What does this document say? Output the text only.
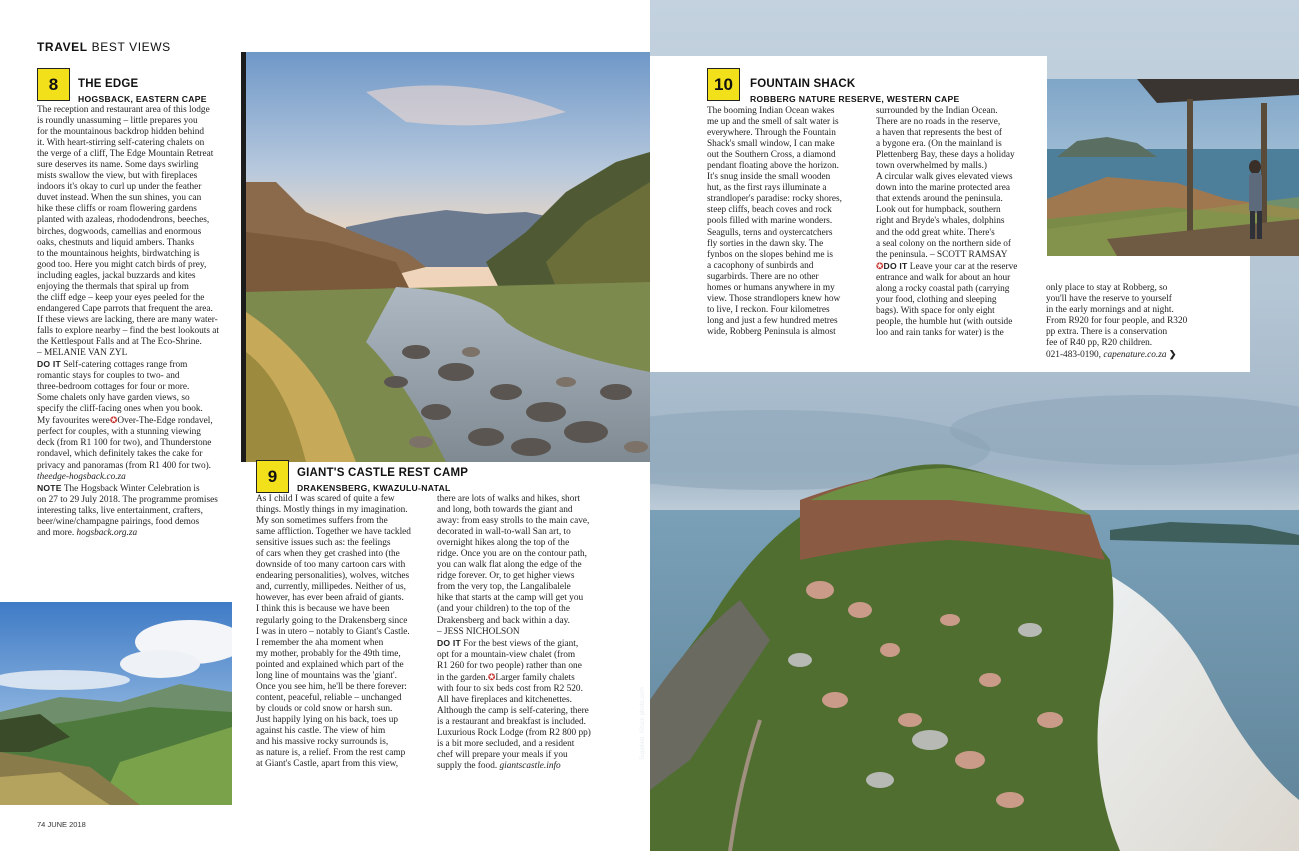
TRAVEL BEST VIEWS
8	THE EDGE
HOGSBACK, EASTERN CAPE

The reception and restaurant area of this lodge

is roundly unassuming – little prepares you

for the mountainous backdrop hidden behind

it. With heart-stirring self-catering chalets on

the verge of a cliff, The Edge Mountain Retreat

sure deserves its name. Some days swirling

mists swallow the view, but with fireplaces

indoors it's okay to curl up under the feather

duvet instead. When the sun shines, you can

hike these cliffs or roam flowering gardens

planted with azaleas, rhododendrons, beeches,

birches, dogwoods, camellias and enormous

oaks, chestnuts and liquid ambers. Thanks

to the mountainous heights, birdwatching is

good too. Here you might catch birds of prey,

including eagles, jackal buzzards and kites

enjoying the thermals that spiral up from

the cliff edge – keep your eyes peeled for the

endangered Cape parrots that frequent the area.

If these views are lacking, there are many water-

falls to explore nearby – find the best lookouts at

the Kettlespout Falls and at The Eco-Shrine.

– MELANIE VAN ZYL

DO IT Self-catering cottages range from

romantic stays for couples to two- and

three-bedroom cottages for four or more.

Some chalets only have garden views, so

specify the cliff-facing ones when you book.

My favourites were✪Over-The-Edge rondavel,

perfect for couples, with a stunning viewing

deck (from R1 100 for two), and Thunderstone

rondavel, which definitely takes the cake for

privacy and panoramas (from R1 400 for two).

theedge-hogsback.co.za

NOTE The Hogsback Winter Celebration is

on 27 to 29 July 2018. The programme promises

interesting talks, live entertainment, crafters,

beer/wine/champagne pairings, food demos

and more. hogsback.org.za

9	GIANT'S CASTLE REST CAMP
DRAKENSBERG, KWAZULU-NATAL

As I child I was scared of quite a few

things. Mostly things in my imagination.

My son sometimes suffers from the

same affliction. Together we have tackled

sensitive issues such as: the feelings

of cars when they get crashed into (the

downside of too many cartoon cars with

endearing personalities), wolves, witches

and, currently, millipedes. Neither of us,

however, has ever been afraid of giants.

I think this is because we have been

regularly going to the Drakensberg since

I was in utero – notably to Giant's Castle.

I remember the aha moment when

my mother, probably for the 49th time,

pointed and explained which part of the

long line of mountains was the 'giant'.

Once you see him, he'll be there forever:

content, peaceful, reliable – unchanged

by clouds or cold snow or harsh sun.

Just happily lying on his back, toes up

against his castle. The view of him

and his massive rocky surrounds is,

as nature is, a relief. From the rest camp

at Giant's Castle, apart from this view,

there are lots of walks and hikes, short

and long, both towards the giant and

away: from easy strolls to the main cave,

decorated in wall-to-wall San art, to

overnight hikes along the top of the

ridge. Once you are on the contour path,

you can walk flat along the edge of the

ridge forever. Or, to get higher views

from the very top, the Langalibalele

hike that starts at the camp will get you

(and your children) to the top of the

Drakensberg and back within a day.

– JESS NICHOLSON

DO IT For the best views of the giant,

opt for a mountain-view chalet (from

R1 260 for two people) rather than one

in the garden.✪Larger family chalets

with four to six beds cost from R2 520.

All have fireplaces and kitchenettes.

Although the camp is self-catering, there

is a restaurant and breakfast is included.

Luxurious Rock Lodge (from R2 800 pp)

is a bit more secluded, and a resident

chef will prepare your meals if you

supply the food. giantscastle.info

74 JUNE 2018
10	FOUNTAIN SHACK
ROBBERG NATURE RESERVE, WESTERN CAPE

The booming Indian Ocean wakes

me up and the smell of salt water is

everywhere. Through the Fountain

Shack's small window, I can make

out the Southern Cross, a diamond

pendant floating above the horizon.

It's snug inside the small wooden

hut, as the first rays illuminate a

strandloper's paradise: rocky shores,

steep cliffs, beach coves and rock

pools filled with marine wonders.

Seagulls, terns and oystercatchers

fly sorties in the dawn sky. The

fynbos on the slopes behind me is

a cacophony of sunbirds and

sugarbirds. There are no other

homes or humans anywhere in my

view. Those strandlopers knew how

to live, I reckon. Four kilometres

long and just a few hundred metres

wide, Robberg Peninsula is almost

surrounded by the Indian Ocean.

There are no roads in the reserve,

a haven that represents the best of

a bygone era. (On the mainland is

Plettenberg Bay, these days a holiday

town overwhelmed by malls.)

A circular walk gives elevated views

down into the marine protected area

that extends around the peninsula.

Look out for humpback, southern

right and Bryde's whales, dolphins

and the odd great white. There's

a seal colony on the northern side of

the peninsula. – SCOTT RAMSAY

✪DO IT Leave your car at the reserve

entrance and walk for about an hour

along a rocky coastal path (carrying

your food, clothing and sleeping

bags). With space for only eight

people, the humble hut (with outside

loo and rain tanks for water) is the

only place to stay at Robberg, so

you'll have the reserve to yourself

in the early mornings and at night.

From R920 for four people, and R320

pp extra. There is a conservation

fee of R40 pp, R20 children.

021-483-0190, capenature.co.za ❯

Supplied, iStock photo.com
